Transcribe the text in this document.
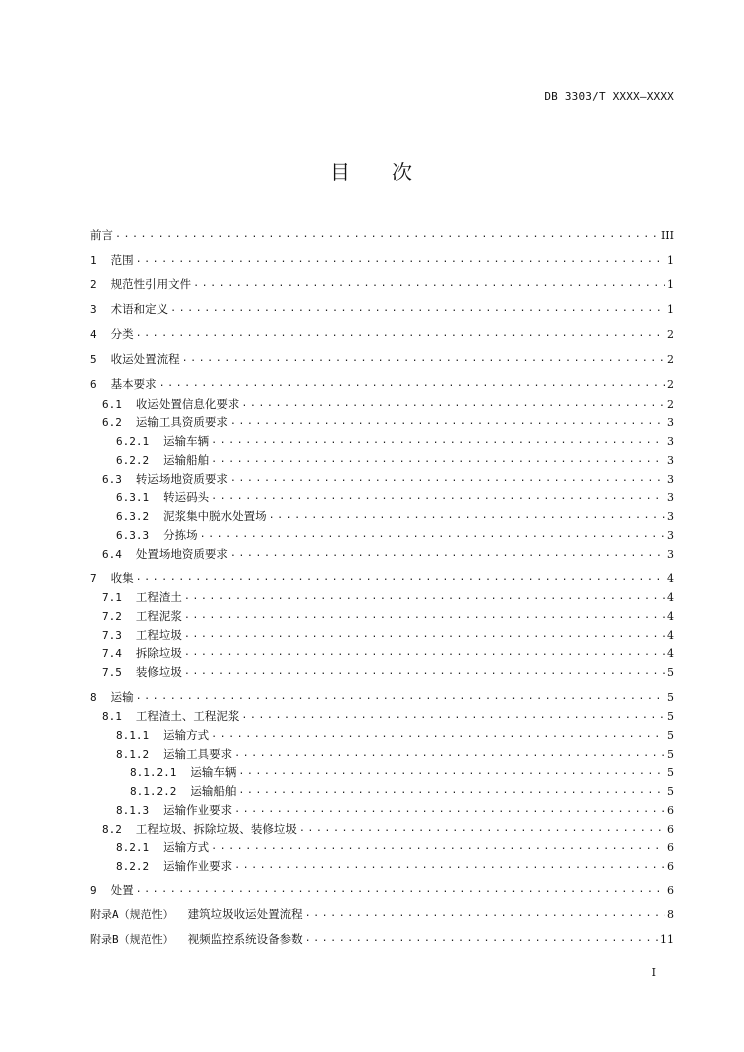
DB 3303/T XXXX—XXXX
目 次
前言 .....	III
1 范围 .....	1
2 规范性引用文件 .....	1
3 术语和定义 .....	1
4 分类 .....	2
5 收运处置流程 .....	2
6 基本要求 .....	2
6.1 收运处置信息化要求 .....	2
6.2 运输工具资质要求 .....	3
6.2.1 运输车辆 .....	3
6.2.2 运输船舶 .....	3
6.3 转运场地资质要求 .....	3
6.3.1 转运码头 .....	3
6.3.2 泥浆集中脱水处置场 .....	3
6.3.3 分拣场 .....	3
6.4 处置场地资质要求 .....	3
7 收集 .....	4
7.1 工程渣土 .....	4
7.2 工程泥浆 .....	4
7.3 工程垃圾 .....	4
7.4 拆除垃圾 .....	4
7.5 装修垃圾 .....	5
8 运输 .....	5
8.1 工程渣土、工程泥浆 .....	5
8.1.1 运输方式 .....	5
8.1.2 运输工具要求 .....	5
8.1.2.1 运输车辆 .....	5
8.1.2.2 运输船舶 .....	5
8.1.3 运输作业要求 .....	6
8.2 工程垃圾、拆除垃圾、装修垃圾 .....	6
8.2.1 运输方式 .....	6
8.2.2 运输作业要求 .....	6
9 处置 .....	6
附录A（规范性） 建筑垃圾收运处置流程 .....	8
附录B（规范性） 视频监控系统设备参数 .....	11
I
